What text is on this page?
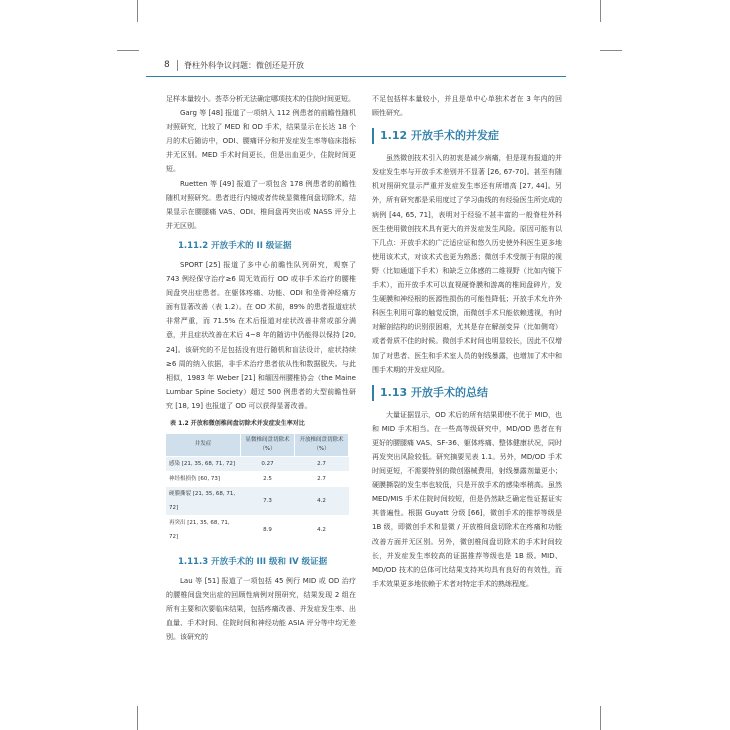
8 脊柱外科争议问题：微创还是开放

足样本量较小。荟萃分析无法确定哪项技术的住院时间更短。

Garg 等 [48] 报道了一项纳入 112 例患者的前瞻性随机对照研究，比较了 MED 和 OD 手术，结果显示在长达 18 个月的术后随访中，ODI、腰痛评分和并发症发生率等临床指标并无区别。MED 手术时间更长，但是出血更少，住院时间更短。

Ruetten 等 [49] 报道了一项包含 178 例患者的前瞻性随机对照研究。患者进行内镜或者传统显微椎间盘切除术，结果显示在腰腿痛 VAS、ODI、椎间盘再突出或 NASS 评分上并无区别。

1.11.2 开放手术的 II 级证据

SPORT [25] 报道了多中心前瞻性队列研究，观察了 743 例经保守治疗≥6 周无效而行 OD 或非手术治疗的腰椎间盘突出症患者。在躯体疼痛、功能、ODI 和坐骨神经痛方面有显著改善（表 1.2）。在 OD 术前，89% 的患者报道症状非常严重，而 71.5% 在术后报道对症状改善非常或部分满意，并且症状改善在术后 4~8 年的随访中仍能得以保持 [20, 24]。该研究的不足包括没有进行随机和盲法设计，症状持续≥6 周的纳入依据，非手术治疗患者依从性和数据脱失。与此相似，1983 年 Weber [21] 和缅因州腰椎协会（the Maine Lumbar Spine Society）超过 500 例患者的大型前瞻性研究 [18, 19] 也报道了 OD 可以获得显著改善。

表 1.2 开放和微创椎间盘切除术并发症发生率对比
并发症	显微椎间盘切除术（%）	开放椎间盘切除术（%）
感染 [21, 35, 68, 71, 72]	0.27	2.7
神经根损伤 [60, 73]	2.5	2.7
硬膜撕裂 [21, 35, 68, 71, 72]	7.3	4.2
再突出 [21, 35, 68, 71, 72]	8.9	4.2
1.11.3 开放手术的 III 级和 IV 级证据

Lau 等 [51] 报道了一项包括 45 例行 MID 或 OD 治疗的腰椎间盘突出症的回顾性病例对照研究，结果发现 2 组在所有主要和次要临床结果，包括疼痛改善、并发症发生率、出血量、手术时间、住院时间和神经功能 ASIA 评分等中均无差别。该研究的

不足包括样本量较小，并且是单中心单独术者在 3 年内的回顾性研究。

1.12 开放手术的并发症

虽然微创技术引入的初衷是减少病痛，但是现有报道的并发症发生率与开放手术差别并不显著 [26, 67-70]。甚至有随机对照研究显示严重并发症发生率还有所增高 [27, 44]。另外，所有研究都是采用度过了学习曲线的有经验医生所完成的病例 [44, 65, 71]，表明对于经验不甚丰富的一般脊柱外科医生使用微创技术具有更大的并发症发生风险。原因可能有以下几点：开放手术的广泛适应证和悠久历史使外科医生更多地使用该术式，对该术式也更为熟悉；微创手术受制于有限的视野（比如通道下手术）和缺乏立体感的二维视野（比如内镜下手术），而开放手术可以直视硬脊膜和游离的椎间盘碎片，发生硬膜和神经根的医源性损伤的可能性降低；开放手术允许外科医生利用可靠的触觉反馈，而微创手术只能依赖透视，有时对解剖结构的识别很困难，尤其是存在解剖变异（比如侧弯）或者骨质不佳的时候。微创手术时间也明显较长，因此不仅增加了对患者、医生和手术室人员的射线暴露，也增加了术中和围手术期的并发症风险。

1.13 开放手术的总结

大量证据显示，OD 术后的所有结果即使不优于 MID，也和 MID 手术相当。在一些高等级研究中，MD/OD 患者在有更好的腰腿痛 VAS、SF-36、躯体疼痛、整体健康状况，同时再发突出风险较低。研究摘要见表 1.1。另外，MD/OD 手术时间更短，不需要特别的微创器械费用，射线暴露剂量更小；硬膜撕裂的发生率也较低，只是开放手术的感染率稍高。虽然 MED/MIS 手术住院时间较短，但是仍然缺乏确定性证据证实其普遍性。根据 Guyatt 分级 [66]，微创手术的推荐等级是 1B 级，即微创手术和显微 / 开放椎间盘切除术在疼痛和功能改善方面并无区别。另外，微创椎间盘切除术的手术时间较长，并发症发生率较高的证据推荐等级也是 1B 级。MID、MD/OD 技术的总体可比结果支持其均具有良好的有效性，而手术效果更多地依赖于术者对特定手术的熟练程度。
